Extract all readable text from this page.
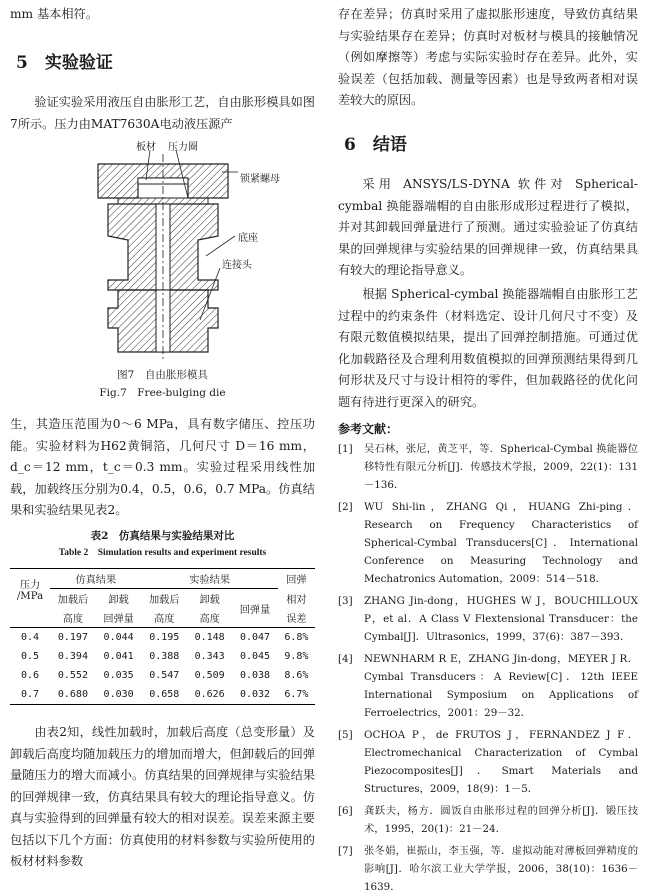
mm 基本相符。

5　实验验证

验证实验采用液压自由胀形工艺，自由胀形模具如图7所示。压力由MAT7630A电动液压源产

板材 压力圈
锁紧螺母
底座
连接头
图7　自由胀形模具
Fig.7　Free-bulging die

生，其造压范围为0～6 MPa，具有数字储压、控压功能。实验材料为H62黄铜箔，几何尺寸 D＝16 mm，d_c＝12 mm，t_c＝0.3 mm。实验过程采用线性加载，加载终压分别为0.4，0.5，0.6，0.7 MPa。仿真结果和实验结果见表2。

表2　仿真结果与实验结果对比
Table 2　Simulation results and experiment results
压力
/MPa	仿真结果		实验结果			回弹
	加载后	卸载	加载后	卸载	回弹量	相对
	高度	回弹量	高度	高度		误差
0.4	0.197	0.044	0.195	0.148	0.047	6.8%
0.5	0.394	0.041	0.388	0.343	0.045	9.8%
0.6	0.552	0.035	0.547	0.509	0.038	8.6%
0.7	0.680	0.030	0.658	0.626	0.032	6.7%

由表2知，线性加载时，加载后高度（总变形量）及卸载后高度均随加载压力的增加而增大，但卸载后的回弹量随压力的增大而减小。仿真结果的回弹规律与实验结果的回弹规律一致，仿真结果具有较大的理论指导意义。仿真与实验得到的回弹量有较大的相对误差。误差来源主要包括以下几个方面：仿真使用的材料参数与实验所使用的板材材料参数

存在差异；仿真时采用了虚拟胀形速度，导致仿真结果与实验结果存在差异；仿真时对板材与模具的接触情况（例如摩擦等）考虑与实际实验时存在差异。此外，实验误差（包括加载、测量等因素）也是导致两者相对误差较大的原因。

6　结语

采用 ANSYS/LS-DYNA 软件对 Spherical-cymbal 换能器端帽的自由胀形成形过程进行了模拟，并对其卸载回弹量进行了预测。通过实验验证了仿真结果的回弹规律与实验结果的回弹规律一致，仿真结果具有较大的理论指导意义。

根据 Spherical-cymbal 换能器端帽自由胀形工艺过程中的约束条件（材料选定、设计几何尺寸不变）及有限元数值模拟结果，提出了回弹控制措施。可通过优化加载路径及合理利用数值模拟的回弹预测结果得到几何形状及尺寸与设计相符的零件，但加载路径的优化问题有待进行更深入的研究。

参考文献：
[1]	吴石林，张尼，黄芝平，等．Spherical-Cymbal 换能器位移特性有限元分析[J]．传感技术学报，2009，22(1)：131－136．
[2]	WU Shi-lin，ZHANG Qi，HUANG Zhi-ping．Research on Frequency Characteristics of Spherical-Cymbal Transducers[C]．International Conference on Measuring Technology and Mechatronics Automation，2009：514－518．
[3]	ZHANG Jin-dong，HUGHES W J，BOUCHILLOUX P，et al．A Class V Flextensional Transducer：the Cymbal[J]．Ultrasonics，1999，37(6)：387－393．
[4]	NEWNHARM R E，ZHANG Jin-dong，MEYER J R．Cymbal Transducers：A Review[C]．12th IEEE International Symposium on Applications of Ferroelectrics，2001：29－32．
[5]	OCHOA P，de FRUTOS J，FERNANDEZ J F．Electromechanical Characterization of Cymbal Piezocomposites[J]．Smart Materials and Structures，2009，18(9)：1－5．
[6]	龚跃夫，杨方．圆饭自由胀形过程的回弹分析[J]．锻压技术，1995，20(1)：21－24．
[7]	张冬娟，崔振山，李玉强，等．虚拟动能对薄板回弹精度的影响[J]．哈尔滨工业大学学报，2006，38(10)：1636－1639．
